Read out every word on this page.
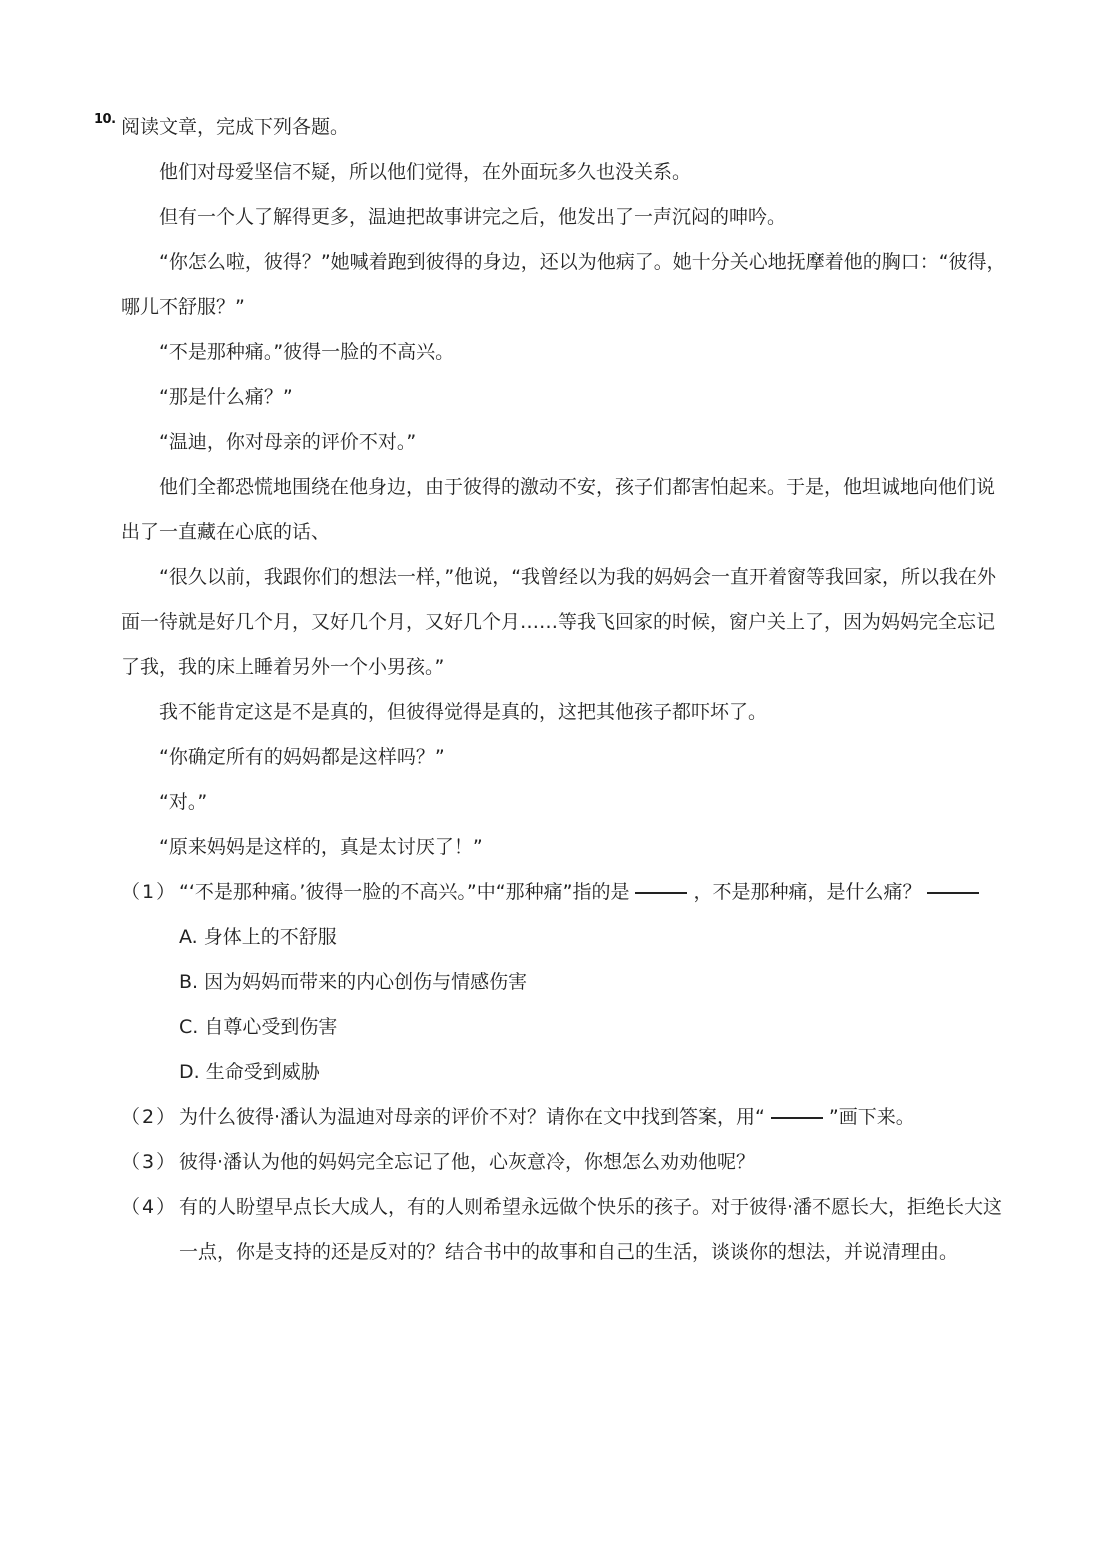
10. 阅读文章，完成下列各题。

他们对母爱坚信不疑，所以他们觉得，在外面玩多久也没关系。

但有一个人了解得更多，温迪把故事讲完之后，他发出了一声沉闷的呻吟。

“你怎么啦，彼得？”她喊着跑到彼得的身边，还以为他病了。她十分关心地抚摩着他的胸口：“彼得，哪儿不舒服？”

“不是那种痛。”彼得一脸的不高兴。

“那是什么痛？”

“温迪，你对母亲的评价不对。”

他们全都恐慌地围绕在他身边，由于彼得的激动不安，孩子们都害怕起来。于是，他坦诚地向他们说出了一直藏在心底的话、

“很久以前，我跟你们的想法一样，”他说，“我曾经以为我的妈妈会一直开着窗等我回家，所以我在外面一待就是好几个月，又好几个月，又好几个月……等我飞回家的时候，窗户关上了，因为妈妈完全忘记了我，我的床上睡着另外一个小男孩。”

我不能肯定这是不是真的，但彼得觉得是真的，这把其他孩子都吓坏了。

“你确定所有的妈妈都是这样吗？”

“对。”

“原来妈妈是这样的，真是太讨厌了！”

（1） “‘不是那种痛。’彼得一脸的不高兴。”中“那种痛”指的是	，不是那种痛，是什么痛？

A. 身体上的不舒服

B. 因为妈妈而带来的内心创伤与情感伤害

C. 自尊心受到伤害

D. 生命受到威胁

（2） 为什么彼得·潘认为温迪对母亲的评价不对？请你在文中找到答案，用“	”画下来。
（3） 彼得·潘认为他的妈妈完全忘记了他，心灰意冷，你想怎么劝劝他呢？
（4） 有的人盼望早点长大成人，有的人则希望永远做个快乐的孩子。对于彼得·潘不愿长大，拒绝长大这一点，你是支持的还是反对的？结合书中的故事和自己的生活，谈谈你的想法，并说清理由。
